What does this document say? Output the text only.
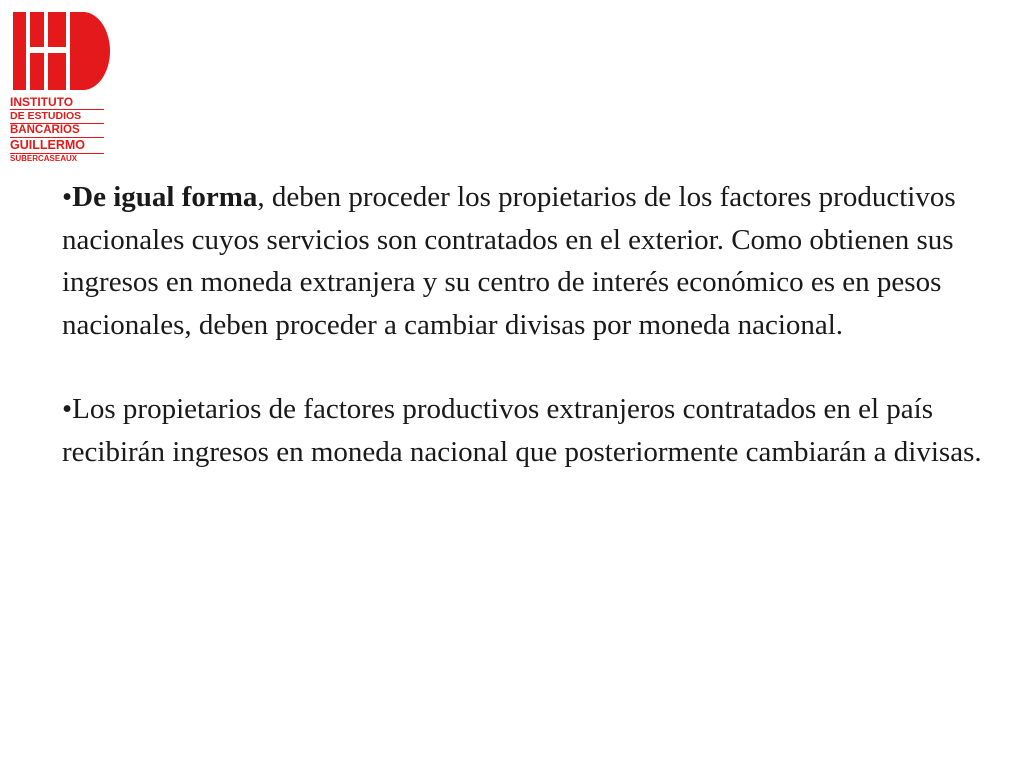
INSTITUTO
DE ESTUDIOS
BANCARIOS
GUILLERMO
SUBERCASEAUX

•De igual forma, deben proceder los propietarios de los factores productivos nacionales cuyos servicios son contratados en el exterior. Como obtienen sus ingresos en moneda extranjera y su centro de interés económico es en pesos nacionales, deben proceder a cambiar divisas por moneda nacional.

•Los propietarios de factores productivos extranjeros contratados en el país recibirán ingresos en moneda nacional que posteriormente cambiarán a divisas.
